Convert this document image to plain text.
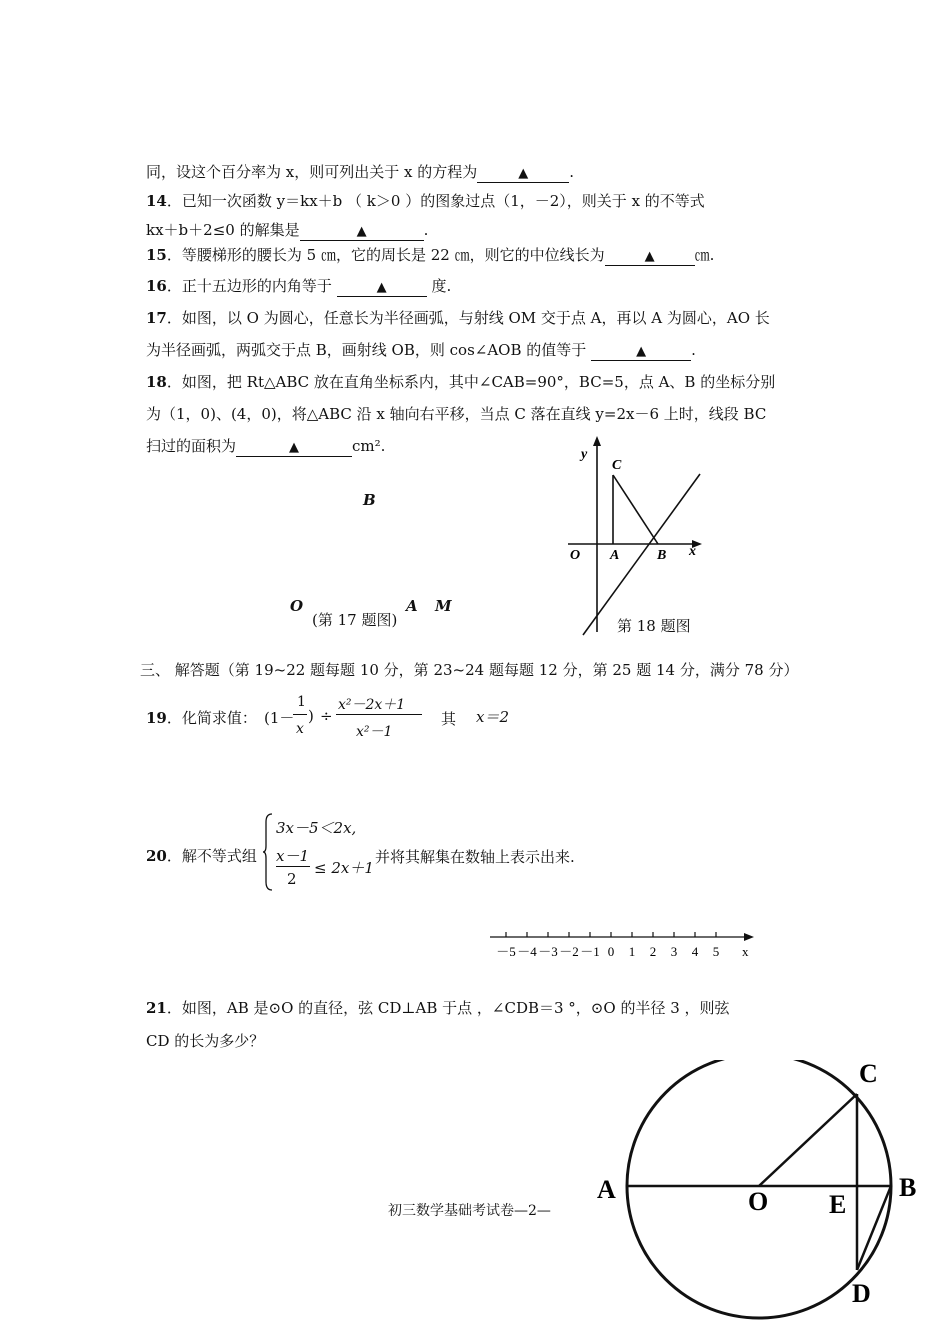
同，设这个百分率为 x，则可列出关于 x 的方程为	▲	.
14．已知一次函数 y＝kx＋b （ k＞0 ）的图象过点（1，－2），则关于 x 的不等式
kx＋b＋2≤0 的解集是	▲	.
15．等腰梯形的腰长为 5 ㎝，它的周长是 22 ㎝，则它的中位线长为	▲	㎝.
16．正十五边形的内角等于	▲	度.
17．如图，以 O 为圆心，任意长为半径画弧，与射线 OM 交于点 A，再以 A 为圆心，AO 长
为半径画弧，两弧交于点 B，画射线 OB，则 cos∠AOB 的值等于	▲	.
18．如图，把 Rt△ABC 放在直角坐标系内，其中∠CAB=90°，BC=5，点 A、B 的坐标分别
为（1，0)、(4，0)，将△ABC 沿 x 轴向右平移，当点 C 落在直线 y=2x－6 上时，线段 BC
扫过的面积为	▲	cm².
B
O
(第 17 题图)
A M
y
C
O A	B x
第 18 题图
三、 解答题（第 19~22 题每题 10 分，第 23~24 题每题 12 分，第 25 题 14 分，满分 78 分）
19．化简求值： (1－
1
x
) ÷
x²－2x＋1
x²－1
其 x＝2
20．解不等式组
3x－5＜2x,
x－1
2
≤ 2x＋1
并将其解集在数轴上表示出来.
－5 －4 －3 －2 －1 0 1 2 3 4 5 x
21．如图，AB 是⊙O 的直径，弦 CD⊥AB 于点 ，∠CDB＝3 °，⊙O 的半径 3 ，则弦
CD 的长为多少？
A	B
C
D
O E
初三数学基础考试卷—2—
